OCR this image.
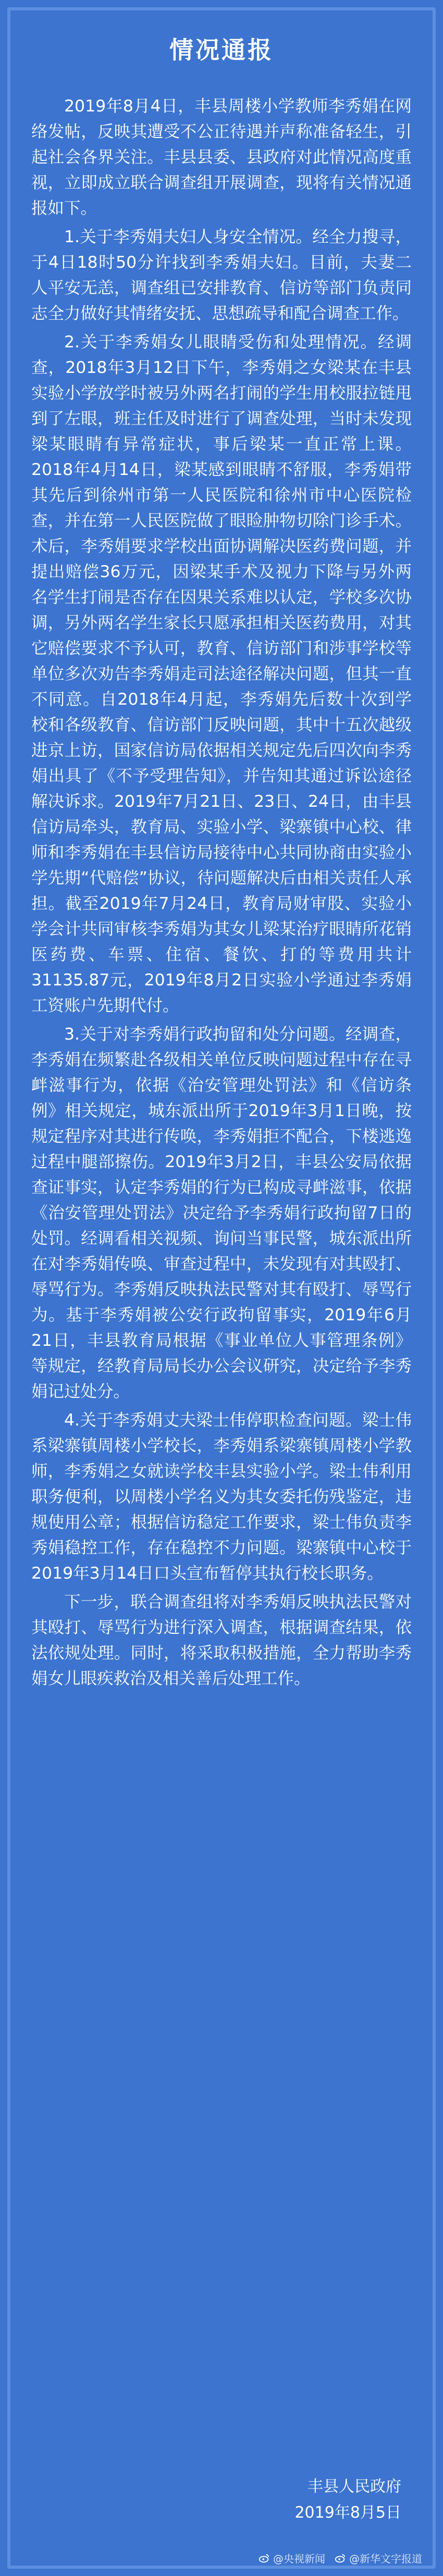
情况通报

2019年8月4日，丰县周楼小学教师李秀娟在网络发帖，反映其遭受不公正待遇并声称准备轻生，引起社会各界关注。丰县县委、县政府对此情况高度重视，立即成立联合调查组开展调查，现将有关情况通报如下。

1.关于李秀娟夫妇人身安全情况。经全力搜寻，于4日18时50分许找到李秀娟夫妇。目前，夫妻二人平安无恙，调查组已安排教育、信访等部门负责同志全力做好其情绪安抚、思想疏导和配合调查工作。

2.关于李秀娟女儿眼睛受伤和处理情况。经调查，2018年3月12日下午，李秀娟之女梁某在丰县实验小学放学时被另外两名打闹的学生用校服拉链甩到了左眼，班主任及时进行了调查处理，当时未发现梁某眼睛有异常症状，事后梁某一直正常上课。2018年4月14日，梁某感到眼睛不舒服，李秀娟带其先后到徐州市第一人民医院和徐州市中心医院检查，并在第一人民医院做了眼睑肿物切除门诊手术。术后，李秀娟要求学校出面协调解决医药费问题，并提出赔偿36万元，因梁某手术及视力下降与另外两名学生打闹是否存在因果关系难以认定，学校多次协调，另外两名学生家长只愿承担相关医药费用，对其它赔偿要求不予认可，教育、信访部门和涉事学校等单位多次劝告李秀娟走司法途径解决问题，但其一直不同意。自2018年4月起，李秀娟先后数十次到学校和各级教育、信访部门反映问题，其中十五次越级进京上访，国家信访局依据相关规定先后四次向李秀娟出具了《不予受理告知》，并告知其通过诉讼途径解决诉求。2019年7月21日、23日、24日，由丰县信访局牵头，教育局、实验小学、梁寨镇中心校、律师和李秀娟在丰县信访局接待中心共同协商由实验小学先期“代赔偿”协议，待问题解决后由相关责任人承担。截至2019年7月24日，教育局财审股、实验小学会计共同审核李秀娟为其女儿梁某治疗眼睛所花销医药费、车票、住宿、餐饮、打的等费用共计31135.87元，2019年8月2日实验小学通过李秀娟工资账户先期代付。

3.关于对李秀娟行政拘留和处分问题。经调查，李秀娟在频繁赴各级相关单位反映问题过程中存在寻衅滋事行为，依据《治安管理处罚法》和《信访条例》相关规定，城东派出所于2019年3月1日晚，按规定程序对其进行传唤，李秀娟拒不配合，下楼逃逸过程中腿部擦伤。2019年3月2日，丰县公安局依据查证事实，认定李秀娟的行为已构成寻衅滋事，依据《治安管理处罚法》决定给予李秀娟行政拘留7日的处罚。经调看相关视频、询问当事民警，城东派出所在对李秀娟传唤、审查过程中，未发现有对其殴打、辱骂行为。李秀娟反映执法民警对其有殴打、辱骂行为。基于李秀娟被公安行政拘留事实，2019年6月21日，丰县教育局根据《事业单位人事管理条例》等规定，经教育局局长办公会议研究，决定给予李秀娟记过处分。

4.关于李秀娟丈夫梁士伟停职检查问题。梁士伟系梁寨镇周楼小学校长，李秀娟系梁寨镇周楼小学教师，李秀娟之女就读学校丰县实验小学。梁士伟利用职务便利，以周楼小学名义为其女委托伤残鉴定，违规使用公章；根据信访稳定工作要求，梁士伟负责李秀娟稳控工作，存在稳控不力问题。梁寨镇中心校于2019年3月14日口头宣布暂停其执行校长职务。

下一步，联合调查组将对李秀娟反映执法民警对其殴打、辱骂行为进行深入调查，根据调查结果，依法依规处理。同时，将采取积极措施，全力帮助李秀娟女儿眼疾救治及相关善后处理工作。

丰县人民政府
2019年8月5日
@央视新闻 @新华文字报道
